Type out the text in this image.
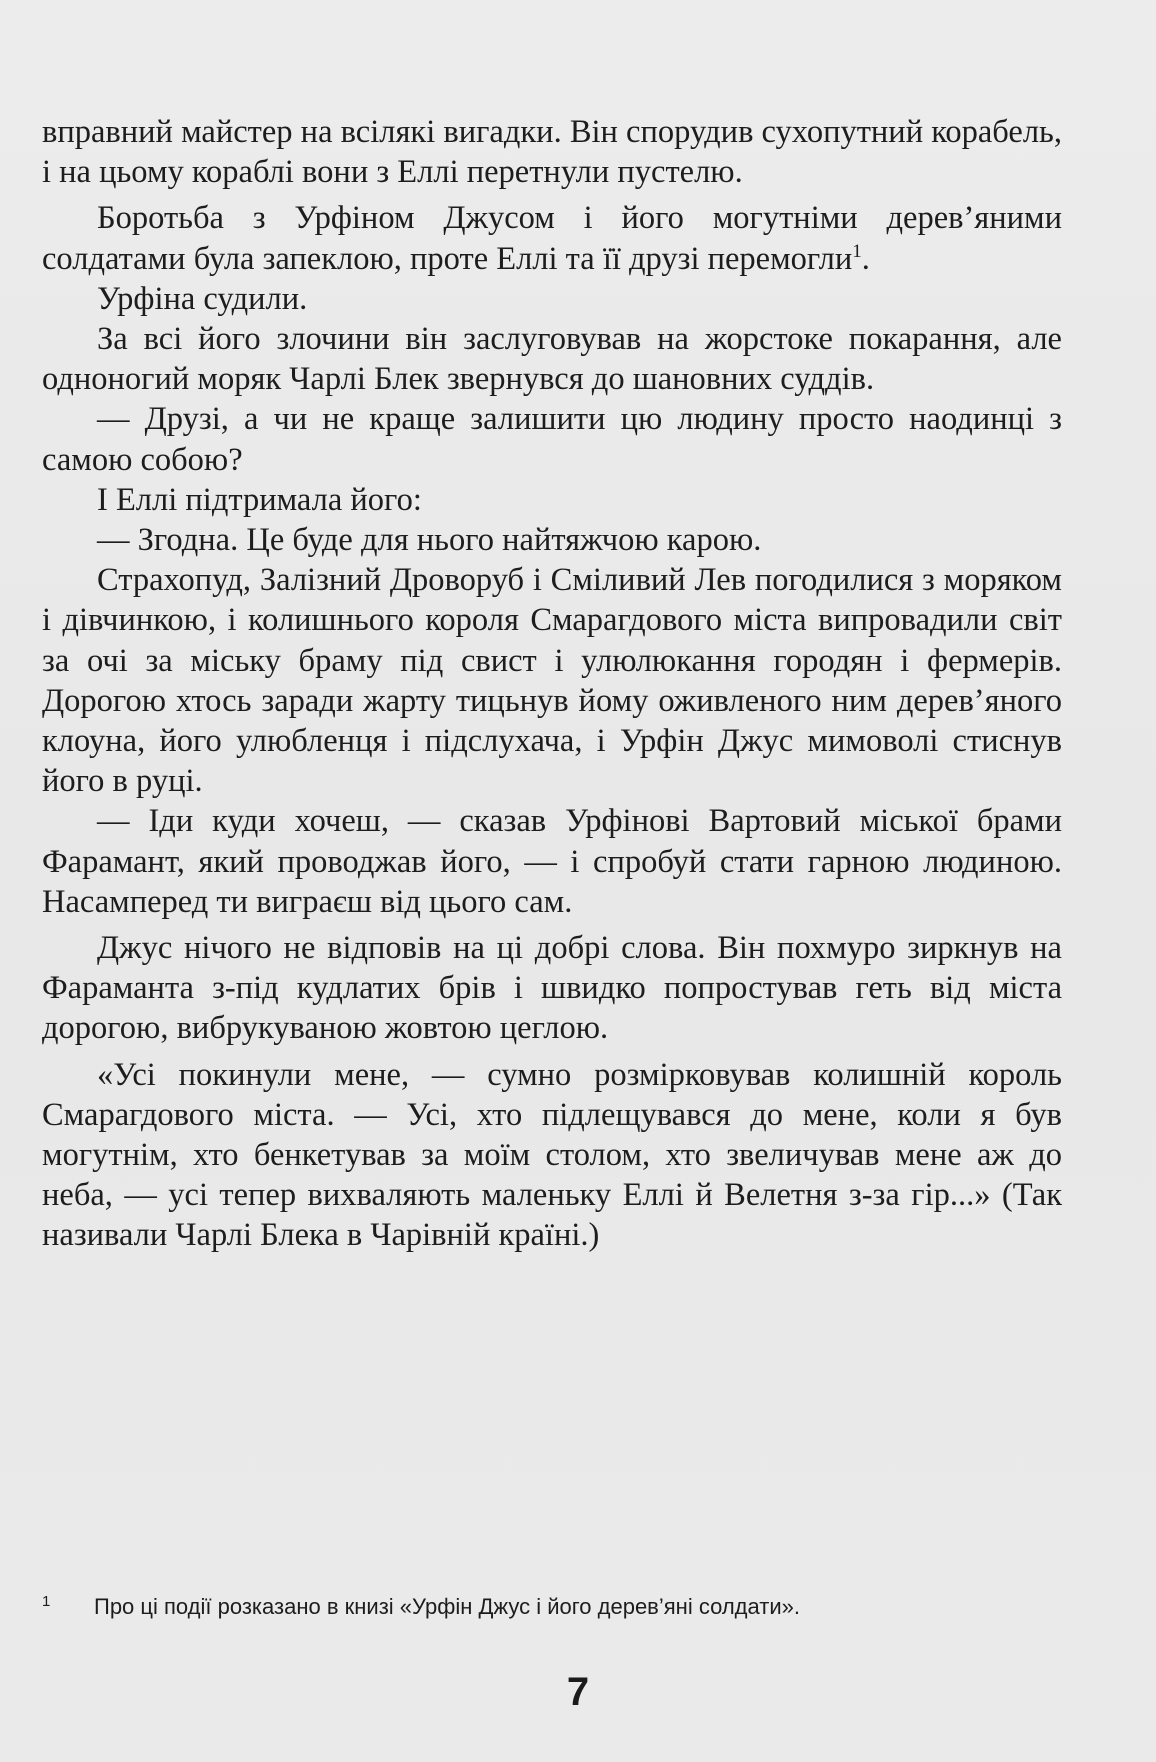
вправний майстер на всілякі вигадки. Він спорудив сухопутний корабель, і на цьому кораблі вони з Еллі перетнули пустелю.

Боротьба з Урфіном Джусом і його могутніми дерев’яними солдатами була запеклою, проте Еллі та її друзі перемогли$^1$.

Урфіна судили.

За всі його злочини він заслуговував на жорстоке покарання, але одноногий моряк Чарлі Блек звернувся до шановних суддів.

— Друзі, а чи не краще залишити цю людину просто наодинці з самою собою?

І Еллі підтримала його:

— Згодна. Це буде для нього найтяжчою карою.

Страхопуд, Залізний Дроворуб і Сміливий Лев погодилися з моряком і дівчинкою, і колишнього короля Смарагдового міста випровадили світ за очі за міську браму під свист і улюлюкання городян і фермерів. Дорогою хтось заради жарту тицьнув йому оживленого ним дерев’яного клоуна, його улюбленця і підслухача, і Урфін Джус мимоволі стиснув його в руці.

— Іди куди хочеш, — сказав Урфінові Вартовий міської брами Фарамант, який проводжав його, — і спробуй стати гарною людиною. Насамперед ти виграєш від цього сам.

Джус нічого не відповів на ці добрі слова. Він похмуро зиркнув на Фараманта з-під кудлатих брів і швидко попростував геть від міста дорогою, вибрукуваною жовтою цеглою.

«Усі покинули мене, — сумно розмірковував колишній король Смарагдового міста. — Усі, хто підлещувався до мене, коли я був могутнім, хто бенкетував за моїм столом, хто звеличував мене аж до неба, — усі тепер вихваляють маленьку Еллі й Велетня з-за гір...» (Так називали Чарлі Блека в Чарівній країні.)

1	Про ці події розказано в книзі «Урфін Джус і його дерев’яні солдати».
7
